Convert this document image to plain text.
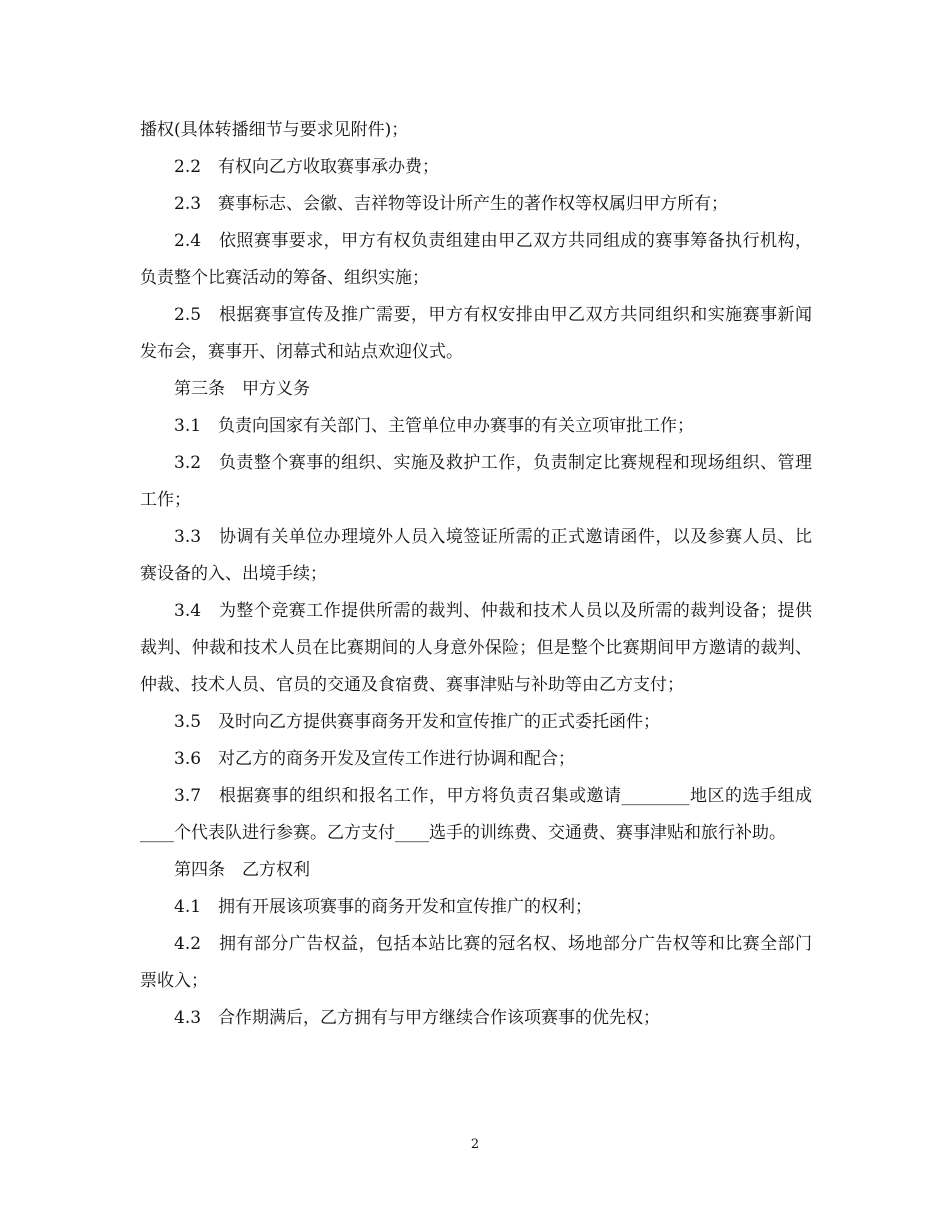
播权(具体转播细节与要求见附件)；

2.2　有权向乙方收取赛事承办费；

2.3　赛事标志、会徽、吉祥物等设计所产生的著作权等权属归甲方所有；

2.4　依照赛事要求，甲方有权负责组建由甲乙双方共同组成的赛事筹备执行机构，负责整个比赛活动的筹备、组织实施；

2.5　根据赛事宣传及推广需要，甲方有权安排由甲乙双方共同组织和实施赛事新闻发布会，赛事开、闭幕式和站点欢迎仪式。

第三条　甲方义务

3.1　负责向国家有关部门、主管单位申办赛事的有关立项审批工作；

3.2　负责整个赛事的组织、实施及救护工作，负责制定比赛规程和现场组织、管理工作；

3.3　协调有关单位办理境外人员入境签证所需的正式邀请函件，以及参赛人员、比赛设备的入、出境手续；

3.4　为整个竞赛工作提供所需的裁判、仲裁和技术人员以及所需的裁判设备；提供裁判、仲裁和技术人员在比赛期间的人身意外保险；但是整个比赛期间甲方邀请的裁判、仲裁、技术人员、官员的交通及食宿费、赛事津贴与补助等由乙方支付；

3.5　及时向乙方提供赛事商务开发和宣传推广的正式委托函件；

3.6　对乙方的商务开发及宣传工作进行协调和配合；

3.7　根据赛事的组织和报名工作，甲方将负责召集或邀请________地区的选手组成____个代表队进行参赛。乙方支付____选手的训练费、交通费、赛事津贴和旅行补助。

第四条　乙方权利

4.1　拥有开展该项赛事的商务开发和宣传推广的权利；

4.2　拥有部分广告权益，包括本站比赛的冠名权、场地部分广告权等和比赛全部门票收入；

4.3　合作期满后，乙方拥有与甲方继续合作该项赛事的优先权；

2
